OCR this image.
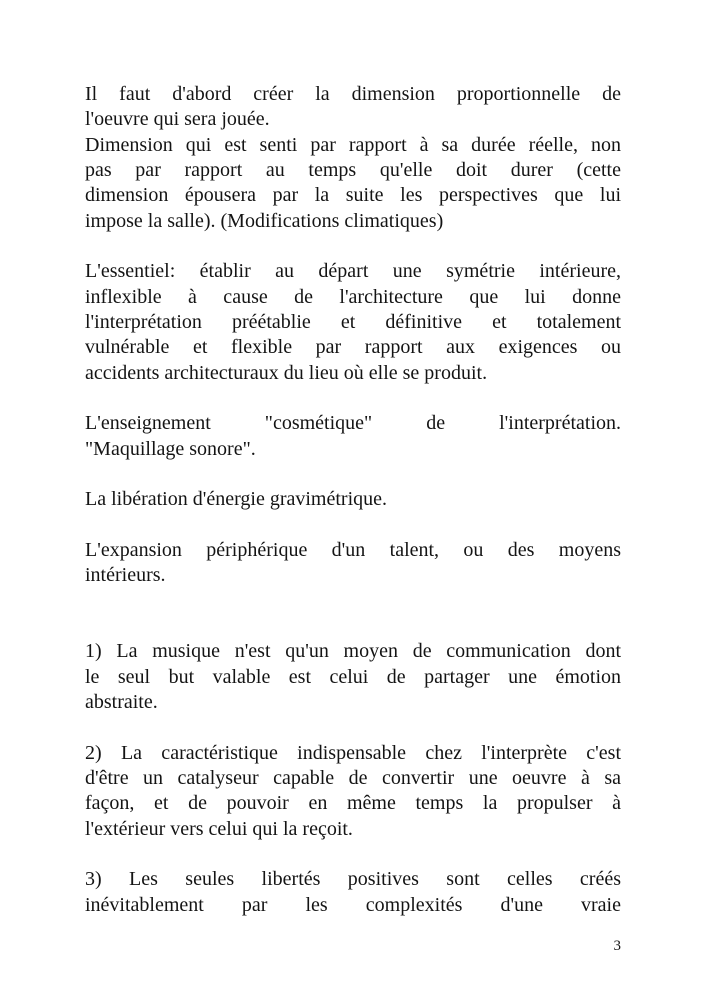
Il faut d'abord créer la dimension proportionnelle de
l'oeuvre qui sera jouée.
Dimension qui est senti par rapport à sa durée réelle, non
pas par rapport au temps qu'elle doit durer (cette
dimension épousera par la suite les perspectives que lui
impose la salle). (Modifications climatiques)
L'essentiel: établir au départ une symétrie intérieure,
inflexible à cause de l'architecture que lui donne
l'interprétation préétablie et définitive et totalement
vulnérable et flexible par rapport aux exigences ou
accidents architecturaux du lieu où elle se produit.
L'enseignement "cosmétique" de l'interprétation.
"Maquillage sonore".
La libération d'énergie gravimétrique.
L'expansion périphérique d'un talent, ou des moyens
intérieurs.
1) La musique n'est qu'un moyen de communication dont
le seul but valable est celui de partager une émotion
abstraite.
2) La caractéristique indispensable chez l'interprète c'est
d'être un catalyseur capable de convertir une oeuvre à sa
façon, et de pouvoir en même temps la propulser à
l'extérieur vers celui qui la reçoit.
3) Les seules libertés positives sont celles créés
inévitablement par les complexités d'une vraie
3
